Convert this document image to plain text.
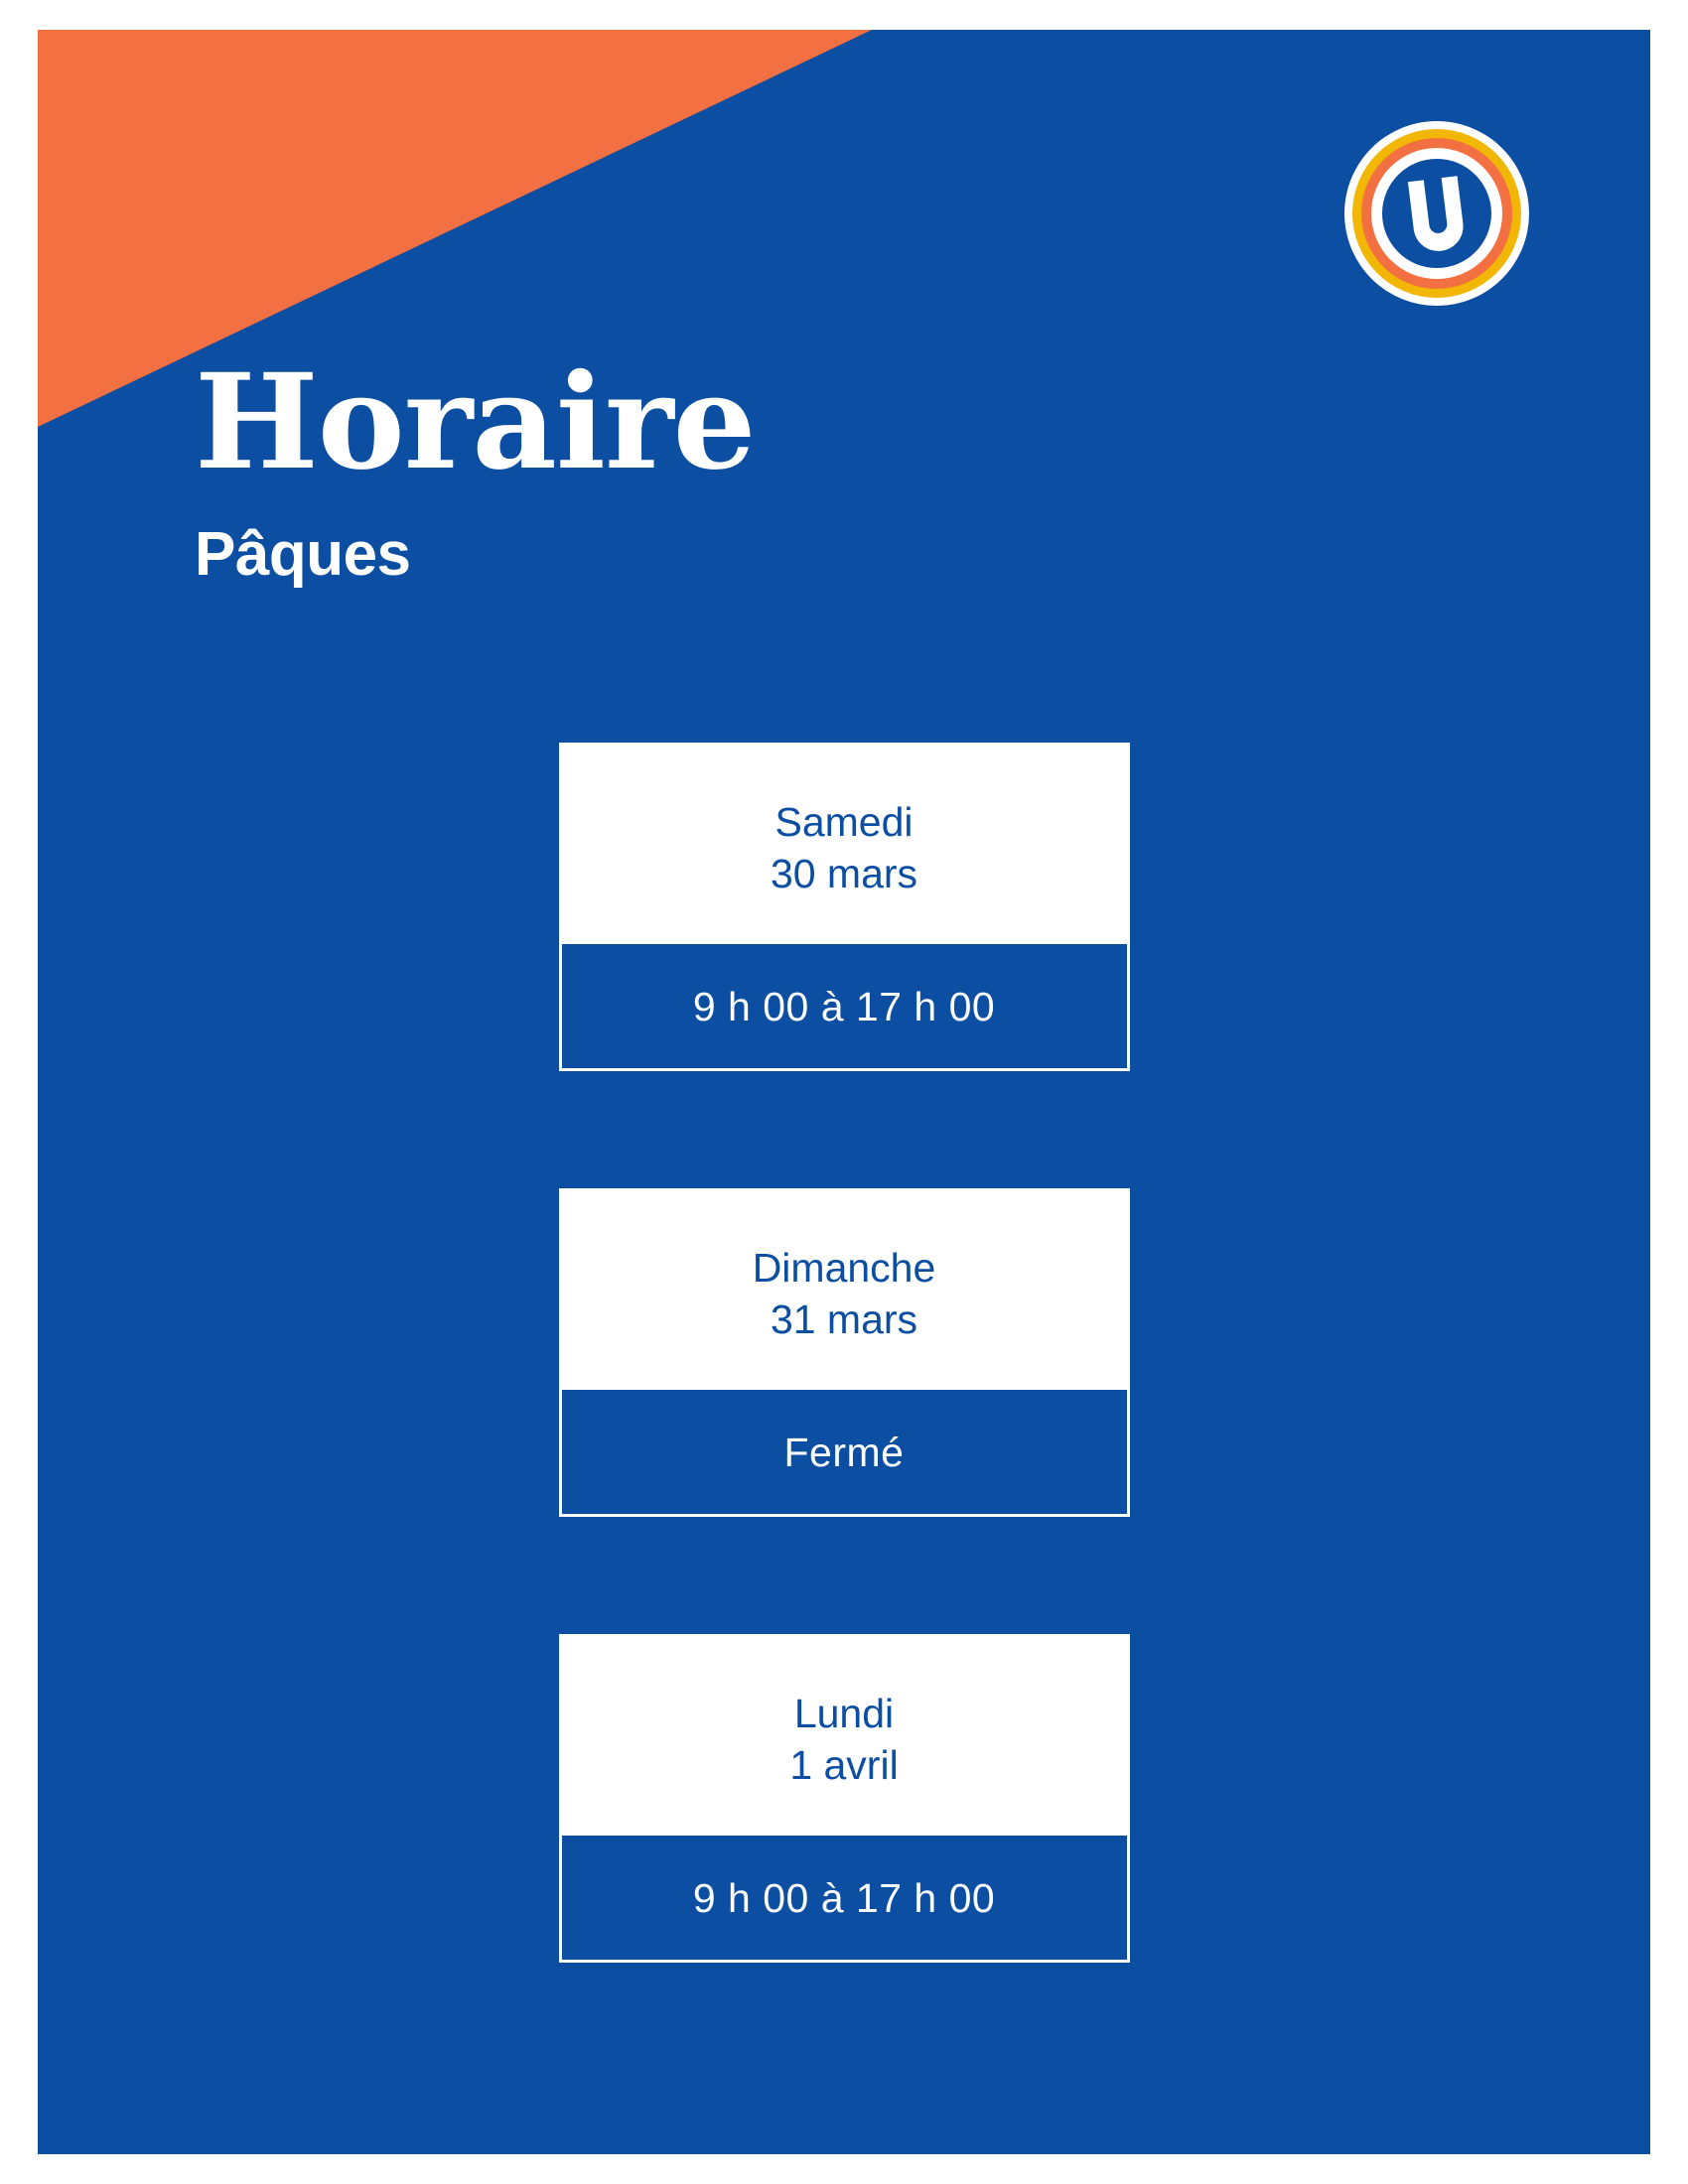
Horaire
Pâques
Samedi
30 mars
9 h 00 à 17 h 00
Dimanche
31 mars
Fermé
Lundi
1 avril
9 h 00 à 17 h 00
